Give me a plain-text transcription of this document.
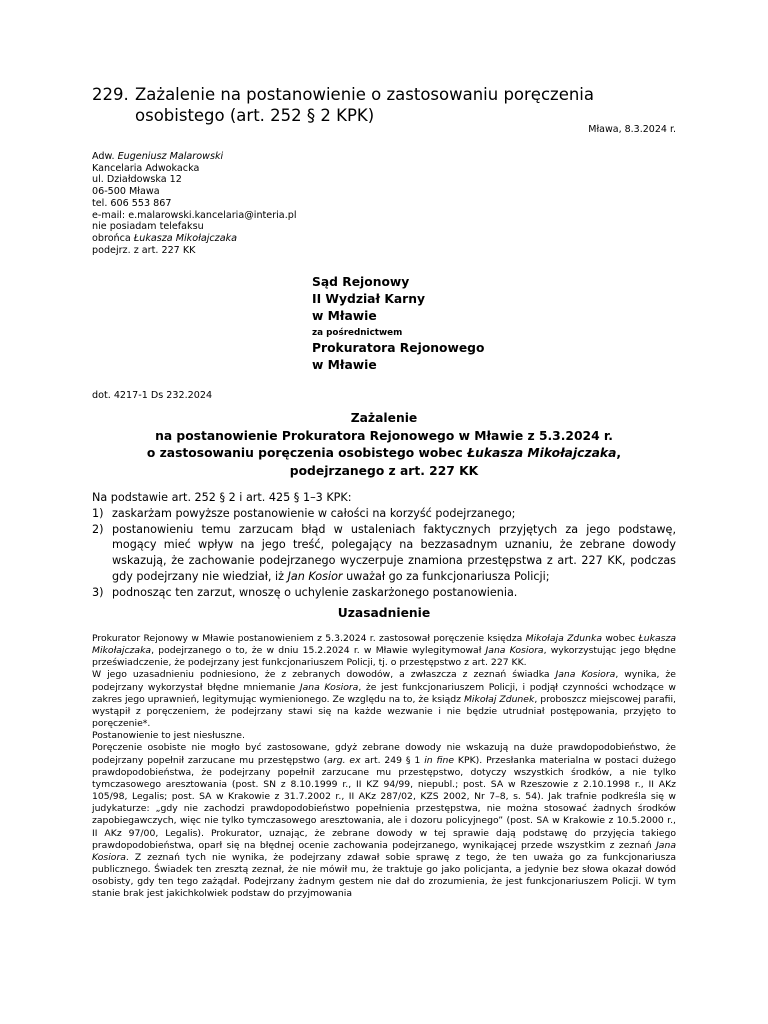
229. Zażalenie na postanowienie o zastosowaniu poręczenia
osobistego (art. 252 § 2 KPK)
Mława, 8.3.2024 r.
Adw. Eugeniusz Malarowski
Kancelaria Adwokacka
ul. Działdowska 12
06-500 Mława
tel. 606 553 867
e-mail: e.malarowski.kancelaria@interia.pl
nie posiadam telefaksu
obrońca Łukasza Mikołajczaka
podejrz. z art. 227 KK
Sąd Rejonowy
II Wydział Karny
w Mławie
za pośrednictwem
Prokuratora Rejonowego
w Mławie
dot. 4217-1 Ds 232.2024
Zażalenie
na postanowienie Prokuratora Rejonowego w Mławie z 5.3.2024 r.
o zastosowaniu poręczenia osobistego wobec Łukasza Mikołajczaka,
podejrzanego z art. 227 KK
Na podstawie art. 252 § 2 i art. 425 § 1–3 KPK:
1) zaskarżam powyższe postanowienie w całości na korzyść podejrzanego;
2) postanowieniu temu zarzucam błąd w ustaleniach faktycznych przyjętych za jego podstawę, mogący mieć wpływ na jego treść, polegający na bezzasadnym uznaniu, że zebrane dowody wskazują, że zachowanie podejrzanego wyczerpuje znamiona przestępstwa z art. 227 KK, podczas gdy podejrzany nie wiedział, iż Jan Kosior uważał go za funkcjonariusza Policji;
3) podnosząc ten zarzut, wnoszę o uchylenie zaskarżonego postanowienia.
Uzasadnienie

Prokurator Rejonowy w Mławie postanowieniem z 5.3.2024 r. zastosował poręczenie księdza Mikołaja Zdunka wobec Łukasza Mikołajczaka, podejrzanego o to, że w dniu 15.2.2024 r. w Mławie wylegitymował Jana Kosiora, wykorzystując jego błędne przeświadczenie, że podejrzany jest funkcjonariuszem Policji, tj. o przestępstwo z art. 227 KK.

W jego uzasadnieniu podniesiono, że z zebranych dowodów, a zwłaszcza z zeznań świadka Jana Kosiora, wynika, że podejrzany wykorzystał błędne mniemanie Jana Kosiora, że jest funkcjonariuszem Policji, i podjął czynności wchodzące w zakres jego uprawnień, legitymując wymienionego. Ze względu na to, że ksiądz Mikołaj Zdunek, proboszcz miejscowej parafii, wystąpił z poręczeniem, że podejrzany stawi się na każde wezwanie i nie będzie utrudniał postępowania, przyjęto to poręczenie*.

Postanowienie to jest niesłuszne.

Poręczenie osobiste nie mogło być zastosowane, gdyż zebrane dowody nie wskazują na duże prawdopodobieństwo, że podejrzany popełnił zarzucane mu przestępstwo (arg. ex art. 249 § 1 in fine KPK). Przesłanka materialna w postaci dużego prawdopodobieństwa, że podejrzany popełnił zarzucane mu przestępstwo, dotyczy wszystkich środków, a nie tylko tymczasowego aresztowania (post. SN z 8.10.1999 r., II KZ 94/99, niepubl.; post. SA w Rzeszowie z 2.10.1998 r., II AKz 105/98, Legalis; post. SA w Krakowie z 31.7.2002 r., II AKz 287/02, KZS 2002, Nr 7–8, s. 54). Jak trafnie podkreśla się w judykaturze: „gdy nie zachodzi prawdopodobieństwo popełnienia przestępstwa, nie można stosować żadnych środków zapobiegawczych, więc nie tylko tymczasowego aresztowania, ale i dozoru policyjnego” (post. SA w Krakowie z 10.5.2000 r., II AKz 97/00, Legalis). Prokurator, uznając, że zebrane dowody w tej sprawie dają podstawę do przyjęcia takiego prawdopodobieństwa, oparł się na błędnej ocenie zachowania podejrzanego, wynikającej przede wszystkim z zeznań Jana Kosiora. Z zeznań tych nie wynika, że podejrzany zdawał sobie sprawę z tego, że ten uważa go za funkcjonariusza publicznego. Świadek ten zresztą zeznał, że nie mówił mu, że traktuje go jako policjanta, a jedynie bez słowa okazał dowód osobisty, gdy ten tego zażądał. Podejrzany żadnym gestem nie dał do zrozumienia, że jest funkcjonariuszem Policji. W tym stanie brak jest jakichkolwiek podstaw do przyjmowania
